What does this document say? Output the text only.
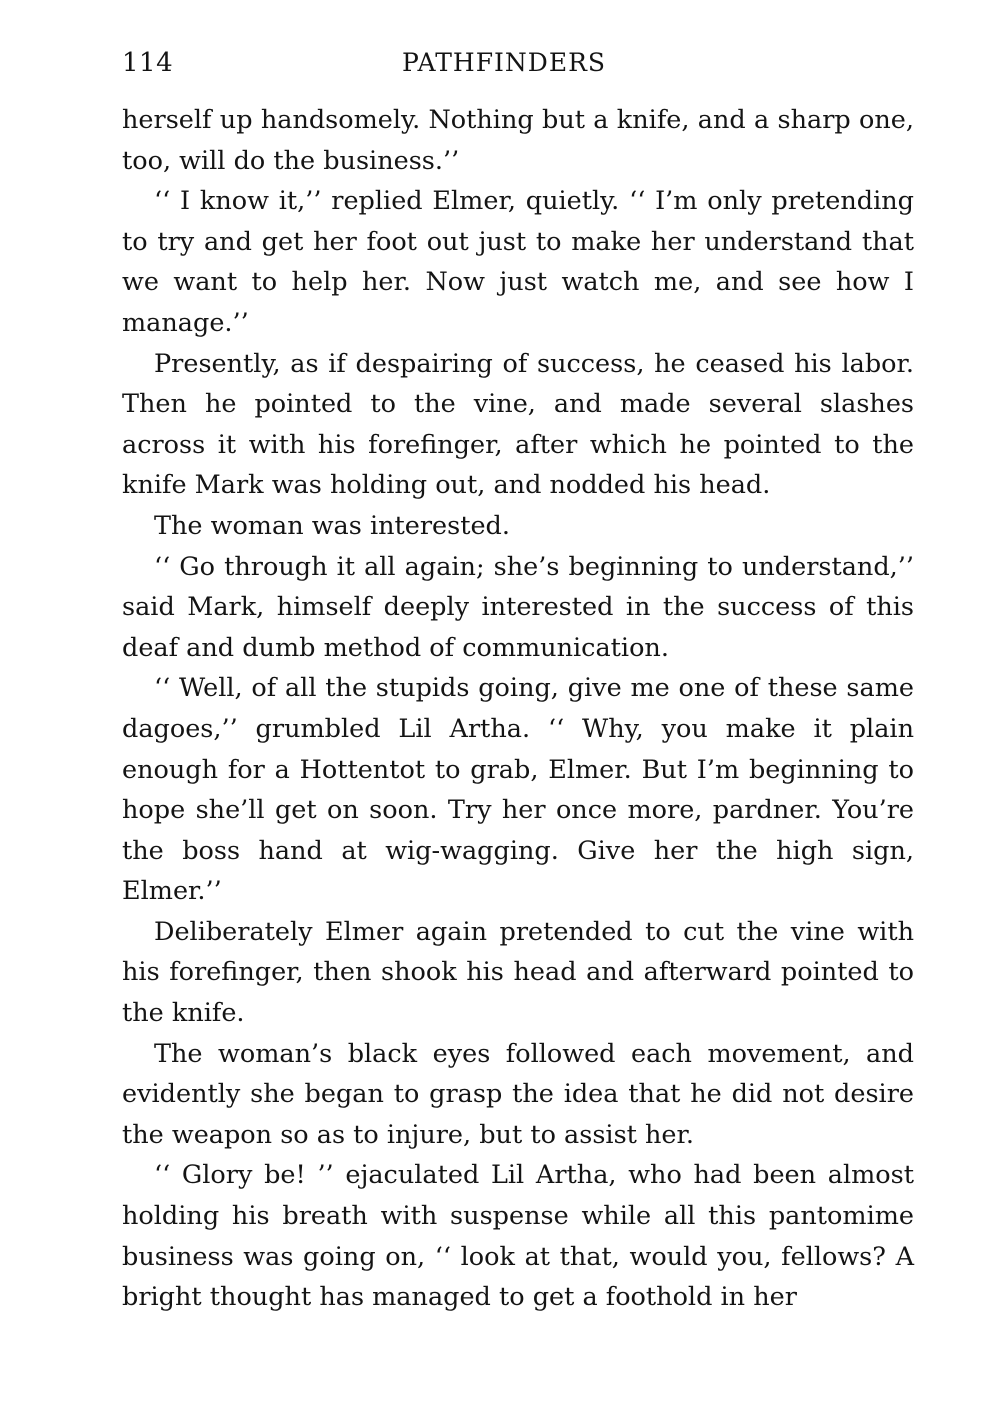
114	PATHFINDERS

herself up handsomely. Nothing but a knife, and a sharp one, too, will do the business.’’

‘‘ I know it,’’ replied Elmer, quietly. ‘‘ I’m only pretending to try and get her foot out just to make her understand that we want to help her. Now just watch me, and see how I manage.’’

Presently, as if despairing of success, he ceased his labor. Then he pointed to the vine, and made several slashes across it with his forefinger, after which he pointed to the knife Mark was holding out, and nodded his head.

The woman was interested.

‘‘ Go through it all again; she’s beginning to understand,’’ said Mark, himself deeply interested in the success of this deaf and dumb method of communication.

‘‘ Well, of all the stupids going, give me one of these same dagoes,’’ grumbled Lil Artha. ‘‘ Why, you make it plain enough for a Hottentot to grab, Elmer. But I’m beginning to hope she’ll get on soon. Try her once more, pardner. You’re the boss hand at wig-wagging. Give her the high sign, Elmer.’’

Deliberately Elmer again pretended to cut the vine with his forefinger, then shook his head and afterward pointed to the knife.

The woman’s black eyes followed each movement, and evidently she began to grasp the idea that he did not desire the weapon so as to injure, but to assist her.

‘‘ Glory be! ’’ ejaculated Lil Artha, who had been almost holding his breath with suspense while all this pantomime business was going on, ‘‘ look at that, would you, fellows? A bright thought has managed to get a foothold in her
